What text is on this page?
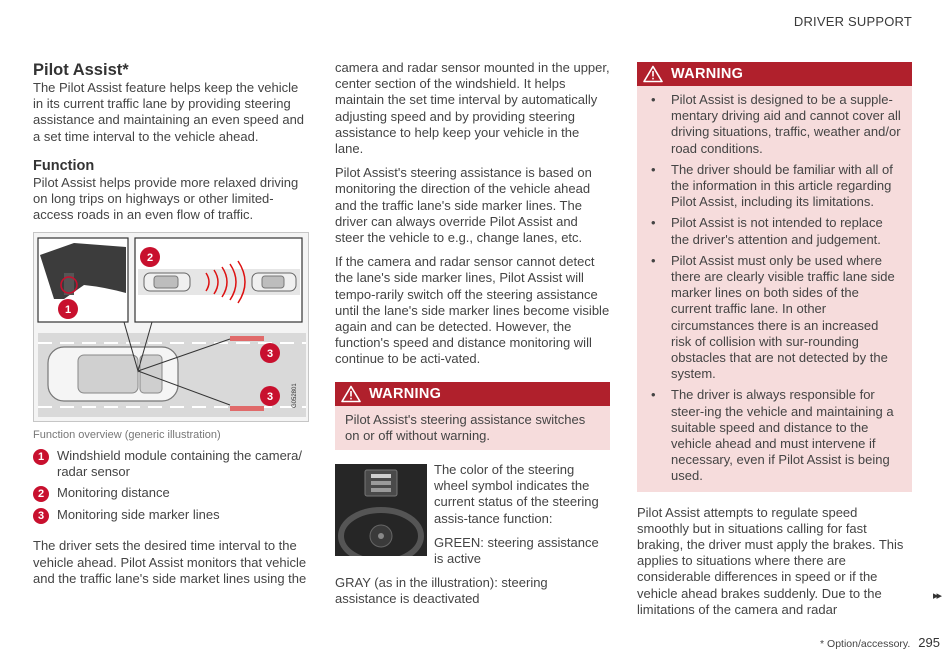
DRIVER SUPPORT
Pilot Assist*

The Pilot Assist feature helps keep the vehicle in its current traffic lane by providing steering assistance and maintaining an even speed and a set time interval to the vehicle ahead.

Function

Pilot Assist helps provide more relaxed driving on long trips on highways or other limited-access roads in an even flow of traffic.

G052801
1
2
3
3
Function overview (generic illustration)
1 Windshield module containing the camera/ radar sensor
2 Monitoring distance
3 Monitoring side marker lines

The driver sets the desired time interval to the vehicle ahead. Pilot Assist monitors that vehicle and the traffic lane's side market lines using the

camera and radar sensor mounted in the upper, center section of the windshield. It helps maintain the set time interval by automatically adjusting speed and by providing steering assistance to help keep your vehicle in the lane.

Pilot Assist's steering assistance is based on monitoring the direction of the vehicle ahead and the traffic lane's side marker lines. The driver can always override Pilot Assist and steer the vehicle to e.g., change lanes, etc.

If the camera and radar sensor cannot detect the lane's side marker lines, Pilot Assist will tempo-rarily switch off the steering assistance until the lane's side marker lines become visible again and can be detected. However, the function's speed and distance monitoring will continue to be acti-vated.

WARNING

Pilot Assist's steering assistance switches on or off without warning.

The color of the steering wheel symbol indicates the current status of the steering assis-tance function:

GREEN: steering assistance is active

GRAY (as in the illustration): steering assistance is deactivated

WARNING
•	Pilot Assist is designed to be a supple-mentary driving aid and cannot cover all driving situations, traffic, weather and/or road conditions.
•	The driver should be familiar with all of the information in this article regarding Pilot Assist, including its limitations.
•	Pilot Assist is not intended to replace the driver's attention and judgement.
•	Pilot Assist must only be used where there are clearly visible traffic lane side marker lines on both sides of the current traffic lane. In other circumstances there is an increased risk of collision with sur-rounding obstacles that are not detected by the system.
•	The driver is always responsible for steer-ing the vehicle and maintaining a suitable speed and distance to the vehicle ahead and must intervene if necessary, even if Pilot Assist is being used.

Pilot Assist attempts to regulate speed smoothly but in situations calling for fast braking, the driver must apply the brakes. This applies to situations where there are considerable differences in speed or if the vehicle ahead brakes suddenly. Due to the limitations of the camera and radar

▸▸
* Option/accessory. 295
